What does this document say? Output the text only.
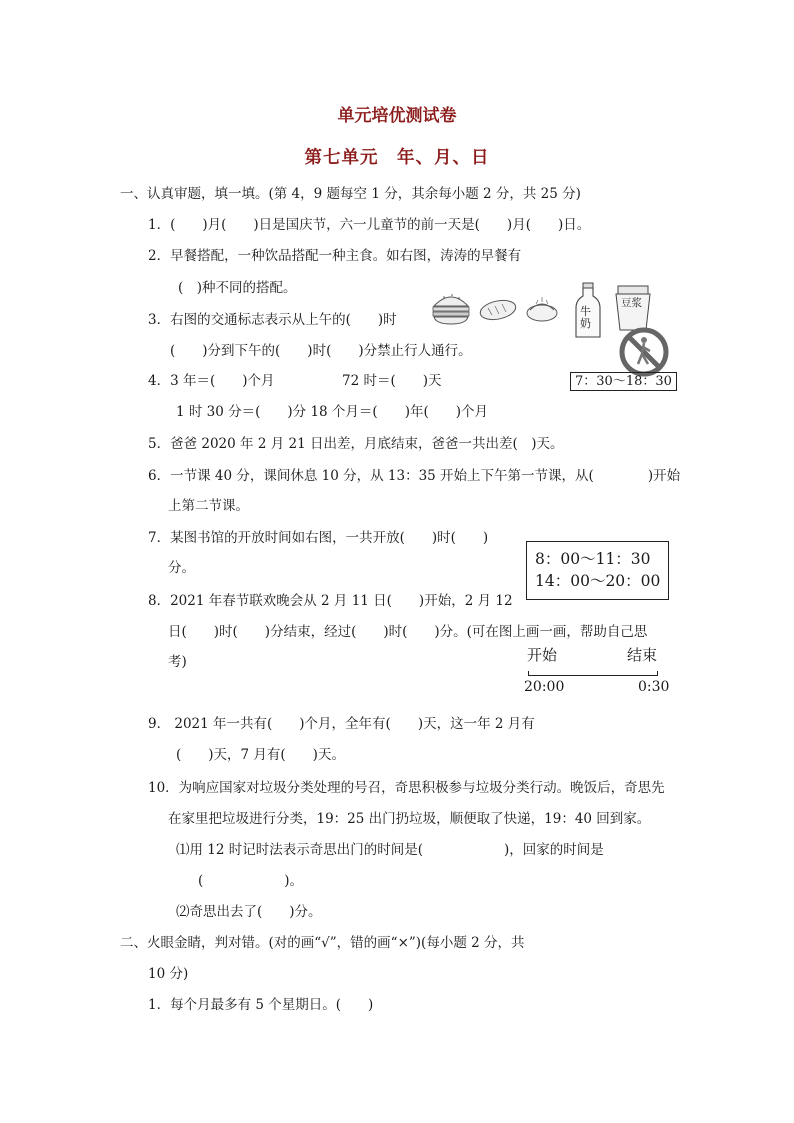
单元培优测试卷
第七单元　年、月、日
一、认真审题，填一填。(第 4，9 题每空 1 分，其余每小题 2 分，共 25 分)
1．(　　)月(　　)日是国庆节，六一儿童节的前一天是(　　)月(　　)日。
2．早餐搭配，一种饮品搭配一种主食。如右图，涛涛的早餐有
(　)种不同的搭配。
3．右图的交通标志表示从上午的(　　)时
(　　)分到下午的(　　)时(　　)分禁止行人通行。
4．3 年＝(　　)个月　　　　　72 时＝(　　)天
1 时 30 分＝(　　)分 18 个月＝(　　)年(　　)个月
5．爸爸 2020 年 2 月 21 日出差，月底结束，爸爸一共出差(　)天。
6．一节课 40 分，课间休息 10 分，从 13：35 开始上下午第一节课，从(　　　　)开始
上第二节课。
7．某图书馆的开放时间如右图，一共开放(　　)时(　　)
分。
8．2021 年春节联欢晚会从 2 月 11 日(　　)开始，2 月 12
日(　　)时(　　)分结束，经过(　　)时(　　)分。(可在图上画一画，帮助自己思
考)
9． 2021 年一共有(　　)个月，全年有(　　)天，这一年 2 月有
(　　)天，7 月有(　　)天。
10．为响应国家对垃圾分类处理的号召，奇思积极参与垃圾分类行动。晚饭后，奇思先
在家里把垃圾进行分类，19：25 出门扔垃圾，顺便取了快递，19：40 回到家。
⑴用 12 时记时法表示奇思出门的时间是(　　　　　　)，回家的时间是
(　　　　　　)。
⑵奇思出去了(　　)分。
二、火眼金睛，判对错。(对的画“√”，错的画“×”)(每小题 2 分，共
10 分)
1．每个月最多有 5 个星期日。(　　)
牛奶
豆浆
7：30～18：30
8：00～11：30
14：00～20：00
开始	结束
20:00	0:30
